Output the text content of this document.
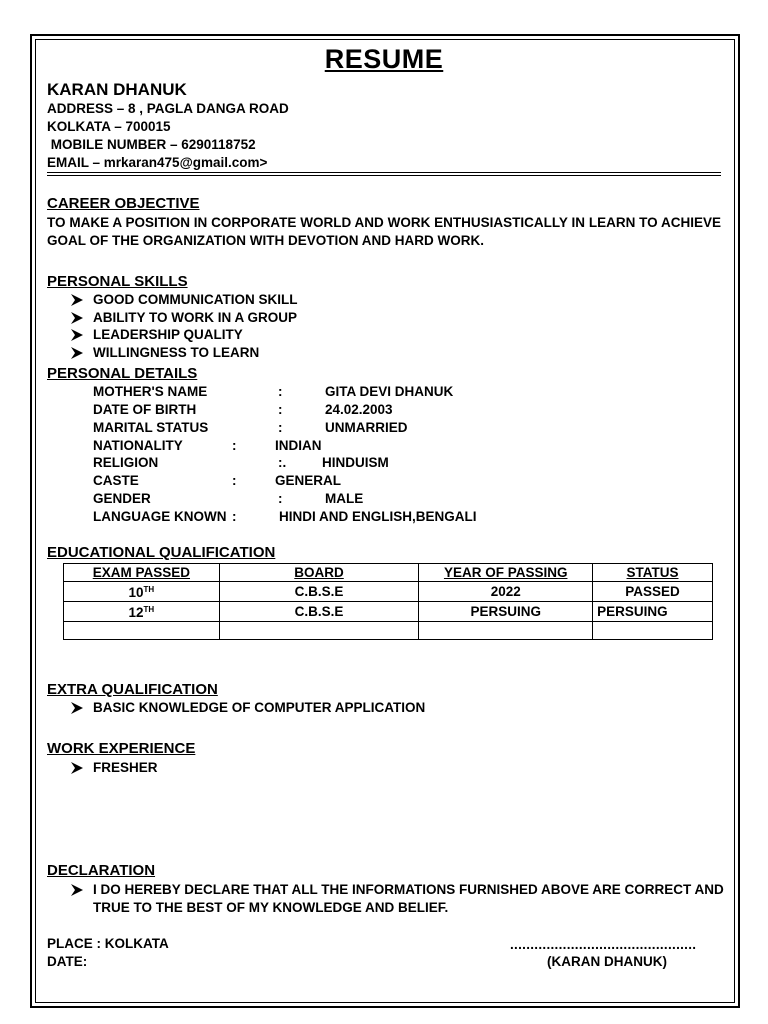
RESUME
KARAN DHANUK
ADDRESS – 8 , PAGLA DANGA ROAD
KOLKATA – 700015
MOBILE NUMBER – 6290118752
EMAIL – mrkaran475@gmail.com>
CAREER OBJECTIVE
TO MAKE A POSITION IN CORPORATE WORLD AND WORK ENTHUSIASTICALLY IN LEARN TO ACHIEVE GOAL OF THE ORGANIZATION WITH DEVOTION AND HARD WORK.
PERSONAL SKILLS
GOOD COMMUNICATION SKILL
ABILITY TO WORK IN A GROUP
LEADERSHIP QUALITY
WILLINGNESS TO LEARN
PERSONAL DETAILS
MOTHER'S NAME	:	GITA DEVI DHANUK
DATE OF BIRTH	:	24.02.2003
MARITAL STATUS	:	UNMARRIED
NATIONALITY	:	INDIAN
RELIGION	:.	HINDUISM
CASTE	:	GENERAL
GENDER	:	MALE
LANGUAGE KNOWN :	HINDI AND ENGLISH,BENGALI
EDUCATIONAL QUALIFICATION
EXAM PASSED	BOARD	YEAR OF PASSING	STATUS
10TH	C.B.S.E	2022	PASSED
12TH	C.B.S.E	PERSUING	PERSUING

EXTRA QUALIFICATION
BASIC KNOWLEDGE OF COMPUTER APPLICATION
WORK EXPERIENCE
FRESHER
DECLARATION
I DO HEREBY DECLARE THAT ALL THE INFORMATIONS FURNISHED ABOVE ARE CORRECT AND
TRUE TO THE BEST OF MY KNOWLEDGE AND BELIEF.
PLACE : KOLKATA
DATE:
..............................................
(KARAN DHANUK)
